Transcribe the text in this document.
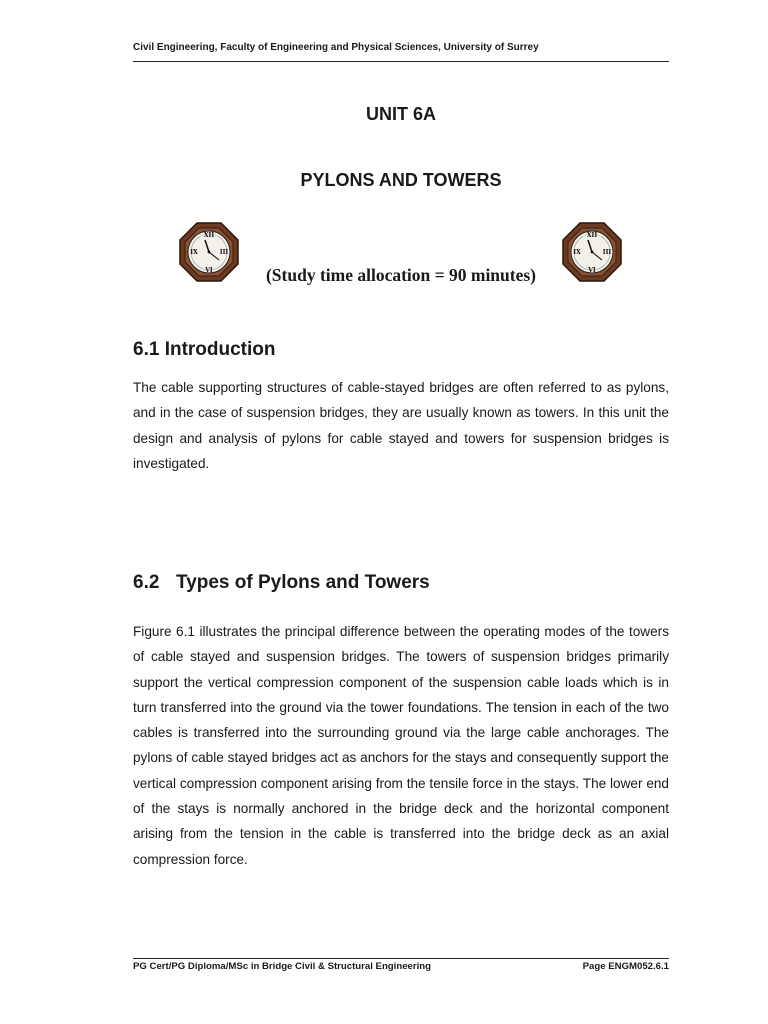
Civil Engineering, Faculty of Engineering and Physical Sciences, University of Surrey
UNIT 6A
PYLONS AND TOWERS
XII
III
VI
IX
XII
III
VI
IX
(Study time allocation = 90 minutes)
6.1 Introduction

The cable supporting structures of cable-stayed bridges are often referred to as pylons, and in the case of suspension bridges, they are usually known as towers. In this unit the design and analysis of pylons for cable stayed and towers for suspension bridges is investigated.

6.2 Types of Pylons and Towers

Figure 6.1 illustrates the principal difference between the operating modes of the towers of cable stayed and suspension bridges. The towers of suspension bridges primarily support the vertical compression component of the suspension cable loads which is in turn transferred into the ground via the tower foundations. The tension in each of the two cables is transferred into the surrounding ground via the large cable anchorages. The pylons of cable stayed bridges act as anchors for the stays and consequently support the vertical compression component arising from the tensile force in the stays. The lower end of the stays is normally anchored in the bridge deck and the horizontal component arising from the tension in the cable is transferred into the bridge deck as an axial compression force.

PG Cert/PG Diploma/MSc in Bridge Civil & Structural Engineering	Page ENGM052.6.1
